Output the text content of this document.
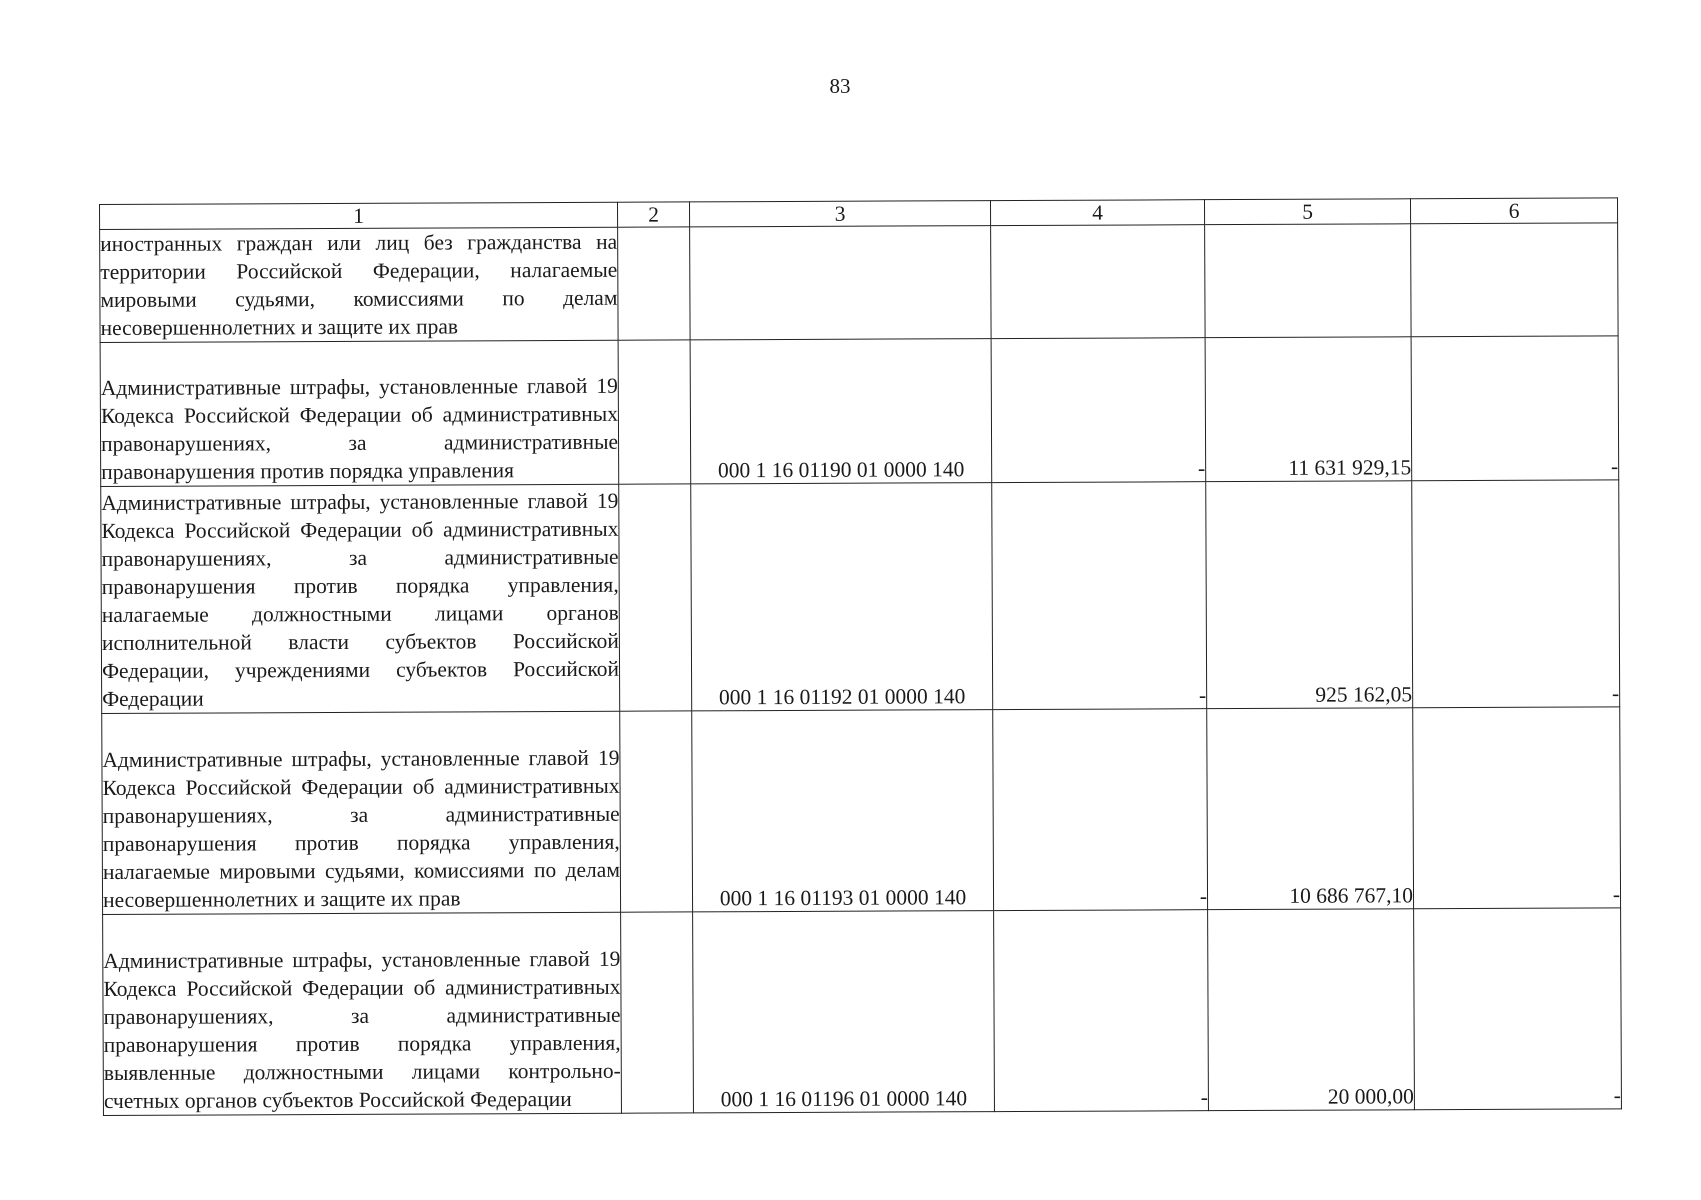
83
1	2	3	4	5	6
иностранных граждан или лиц без гражданства на территории Российской Федерации, налагаемые мировыми судьями, комиссиями по делам несовершеннолетних и защите их прав					
Административные штрафы, установленные главой 19 Кодекса Российской Федерации об административных правонарушениях, за административные правонарушения против порядка управления		000 1 16 01190 01 0000 140	-	11 631 929,15	-
Административные штрафы, установленные главой 19 Кодекса Российской Федерации об административных правонарушениях, за административные правонарушения против порядка управления, налагаемые должностными лицами органов исполнительной власти субъектов Российской Федерации, учреждениями субъектов Российской Федерации		000 1 16 01192 01 0000 140	-	925 162,05	-
Административные штрафы, установленные главой 19 Кодекса Российской Федерации об административных правонарушениях, за административные правонарушения против порядка управления, налагаемые мировыми судьями, комиссиями по делам несовершеннолетних и защите их прав		000 1 16 01193 01 0000 140	-	10 686 767,10	-
Административные штрафы, установленные главой 19 Кодекса Российской Федерации об административных правонарушениях, за административные правонарушения против порядка управления, выявленные должностными лицами контрольно-счетных органов субъектов Российской Федерации		000 1 16 01196 01 0000 140	-	20 000,00	-
